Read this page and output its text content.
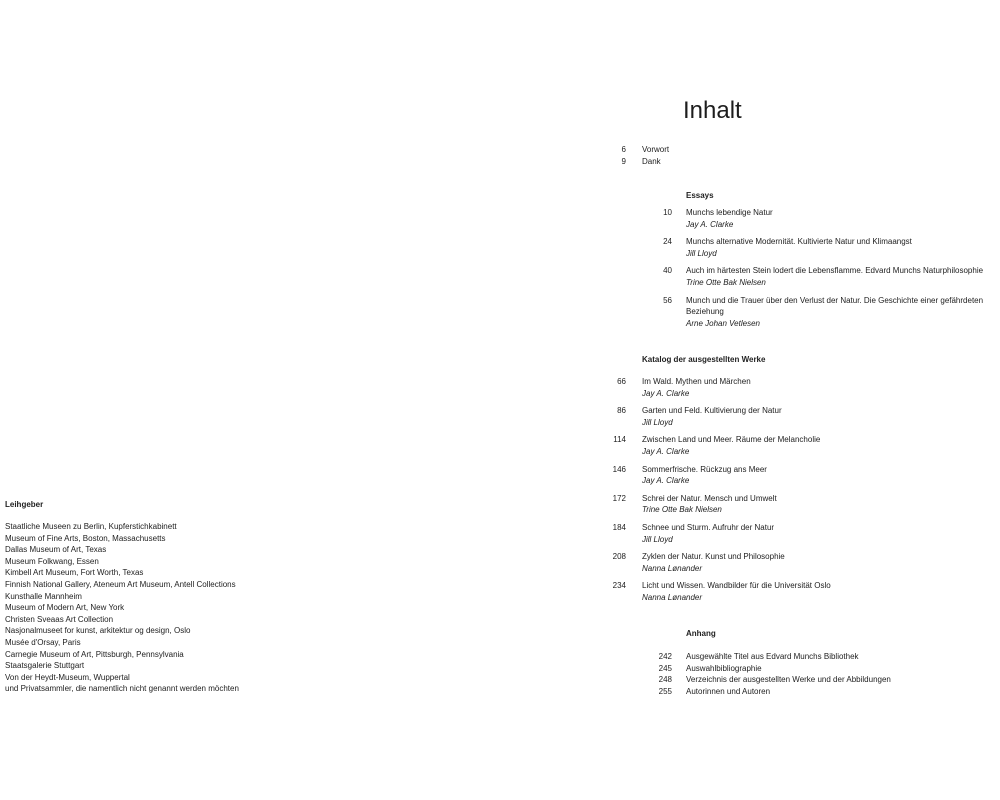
Leihgeber
Staatliche Museen zu Berlin, Kupferstichkabinett
Museum of Fine Arts, Boston, Massachusetts
Dallas Museum of Art, Texas
Museum Folkwang, Essen
Kimbell Art Museum, Fort Worth, Texas
Finnish National Gallery, Ateneum Art Museum, Antell Collections
Kunsthalle Mannheim
Museum of Modern Art, New York
Christen Sveaas Art Collection
Nasjonalmuseet for kunst, arkitektur og design, Oslo
Musée d'Orsay, Paris
Carnegie Museum of Art, Pittsburgh, Pennsylvania
Staatsgalerie Stuttgart
Von der Heydt-Museum, Wuppertal
und Privatsammler, die namentlich nicht genannt werden möchten
Inhalt
6 Vorwort
9 Dank
Essays
10 Munchs lebendige Natur
Jay A. Clarke
24 Munchs alternative Modernität. Kultivierte Natur und Klimaangst
Jill Lloyd
40 Auch im härtesten Stein lodert die Lebensflamme. Edvard Munchs Naturphilosophie
Trine Otte Bak Nielsen
56 Munch und die Trauer über den Verlust der Natur. Die Geschichte einer gefährdeten Beziehung
Arne Johan Vetlesen
Katalog der ausgestellten Werke
66 Im Wald. Mythen und Märchen
Jay A. Clarke
86 Garten und Feld. Kultivierung der Natur
Jill Lloyd
114 Zwischen Land und Meer. Räume der Melancholie
Jay A. Clarke
146 Sommerfrische. Rückzug ans Meer
Jay A. Clarke
172 Schrei der Natur. Mensch und Umwelt
Trine Otte Bak Nielsen
184 Schnee und Sturm. Aufruhr der Natur
Jill Lloyd
208 Zyklen der Natur. Kunst und Philosophie
Nanna Lønander
234 Licht und Wissen. Wandbilder für die Universität Oslo
Nanna Lønander
Anhang
242 Ausgewählte Titel aus Edvard Munchs Bibliothek
245 Auswahlbibliographie
248 Verzeichnis der ausgestellten Werke und der Abbildungen
255 Autorinnen und Autoren
